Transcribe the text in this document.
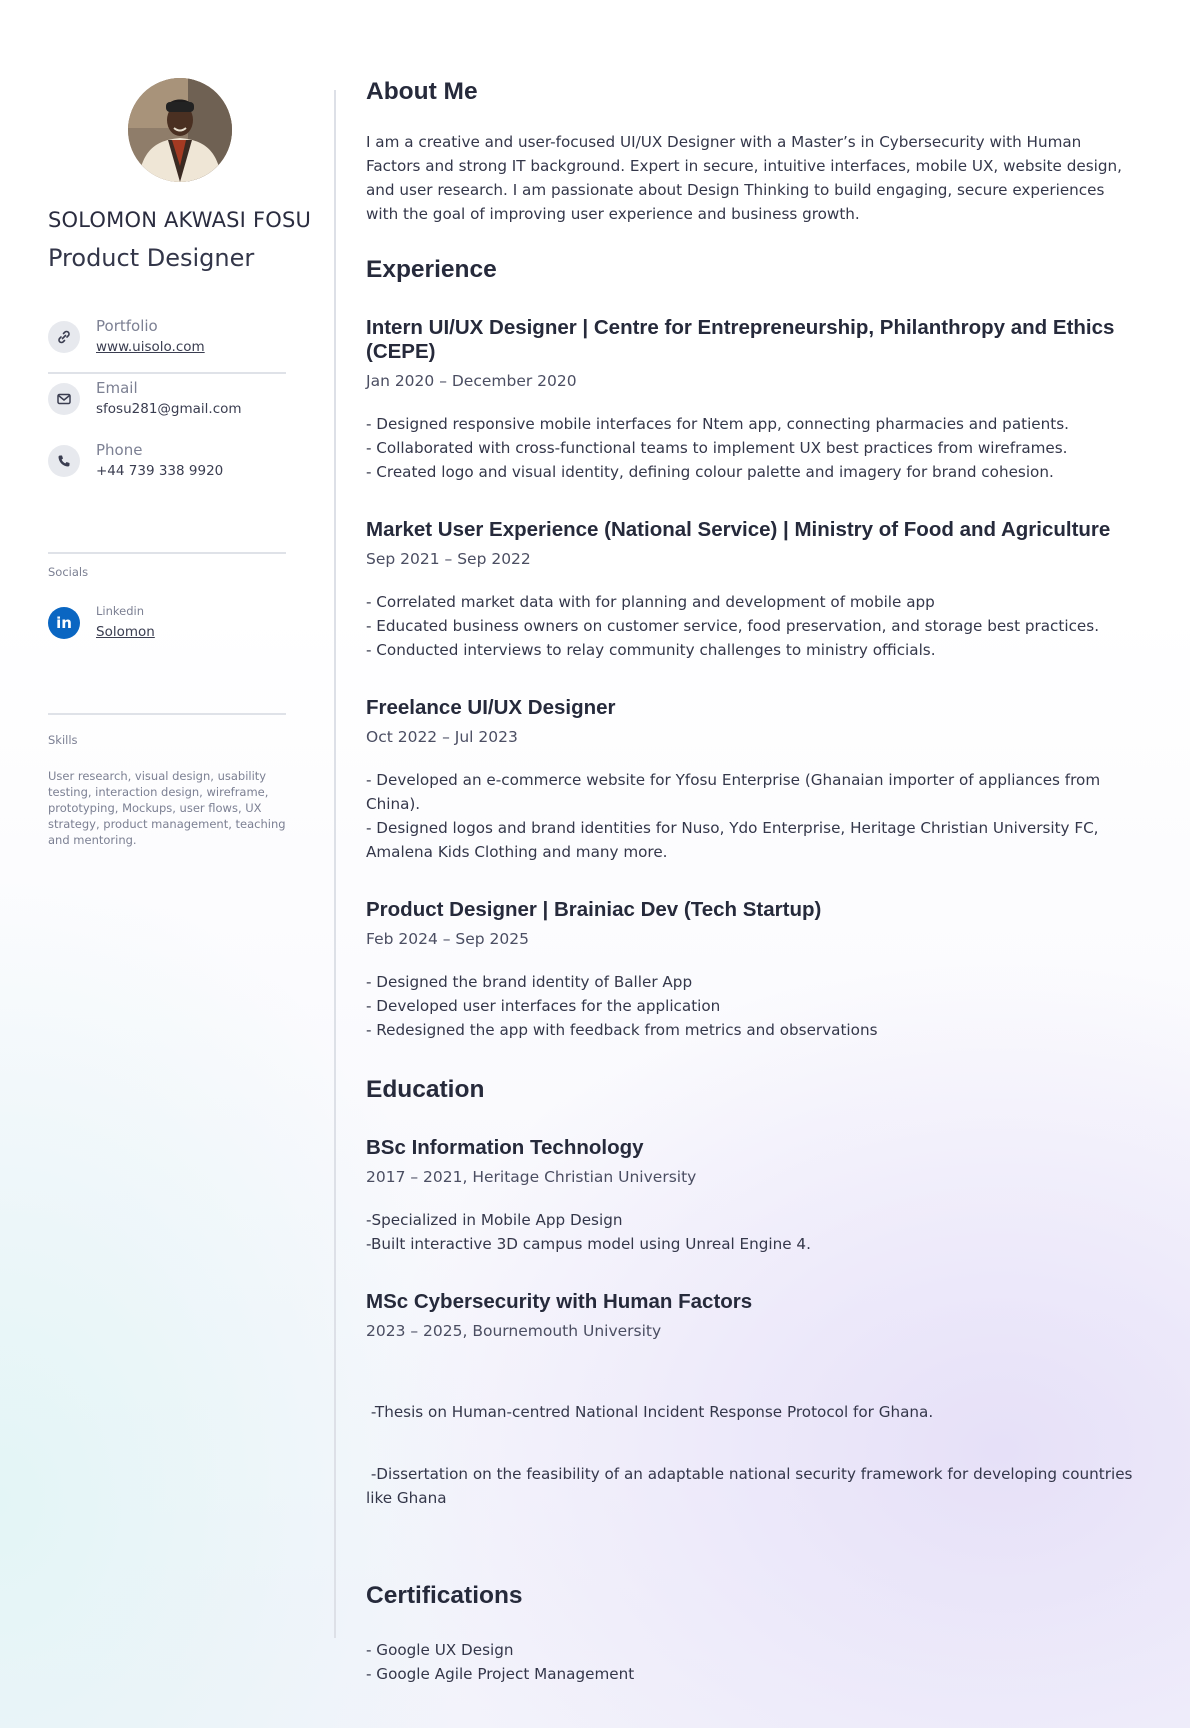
SOLOMON AKWASI FOSU
Product Designer
Portfolio
www.uisolo.com
Email
sfosu281@gmail.com
Phone
+44 739 338 9920
Socials
in
Linkedin
Solomon
Skills
User research, visual design, usability testing, interaction design, wireframe, prototyping, Mockups, user flows, UX strategy, product management, teaching and mentoring.
About Me

I am a creative and user-focused UI/UX Designer with a Master’s in Cybersecurity with Human Factors and strong IT background. Expert in secure, intuitive interfaces, mobile UX, website design, and user research. I am passionate about Design Thinking to build engaging, secure experiences with the goal of improving user experience and business growth.

Experience
Intern UI/UX Designer | Centre for Entrepreneurship, Philanthropy and Ethics (CEPE)
Jan 2020 – December 2020
- Designed responsive mobile interfaces for Ntem app, connecting pharmacies and patients.
- Collaborated with cross-functional teams to implement UX best practices from wireframes.
- Created logo and visual identity, defining colour palette and imagery for brand cohesion.
Market User Experience (National Service) | Ministry of Food and Agriculture
Sep 2021 – Sep 2022
- Correlated market data with for planning and development of mobile app
- Educated business owners on customer service, food preservation, and storage best practices.
- Conducted interviews to relay community challenges to ministry officials.
Freelance UI/UX Designer
Oct 2022 – Jul 2023
- Developed an e-commerce website for Yfosu Enterprise (Ghanaian importer of appliances from China).
- Designed logos and brand identities for Nuso, Ydo Enterprise, Heritage Christian University FC, Amalena Kids Clothing and many more.
Product Designer | Brainiac Dev (Tech Startup)
Feb 2024 – Sep 2025
- Designed the brand identity of Baller App
- Developed user interfaces for the application
- Redesigned the app with feedback from metrics and observations
Education
BSc Information Technology
2017 – 2021, Heritage Christian University
-Specialized in Mobile App Design
-Built interactive 3D campus model using Unreal Engine 4.
MSc Cybersecurity with Human Factors
2023 – 2025, Bournemouth University

-Thesis on Human-centred National Incident Response Protocol for Ghana.

-Dissertation on the feasibility of an adaptable national security framework for developing countries like Ghana

Certifications
- Google UX Design
- Google Agile Project Management
